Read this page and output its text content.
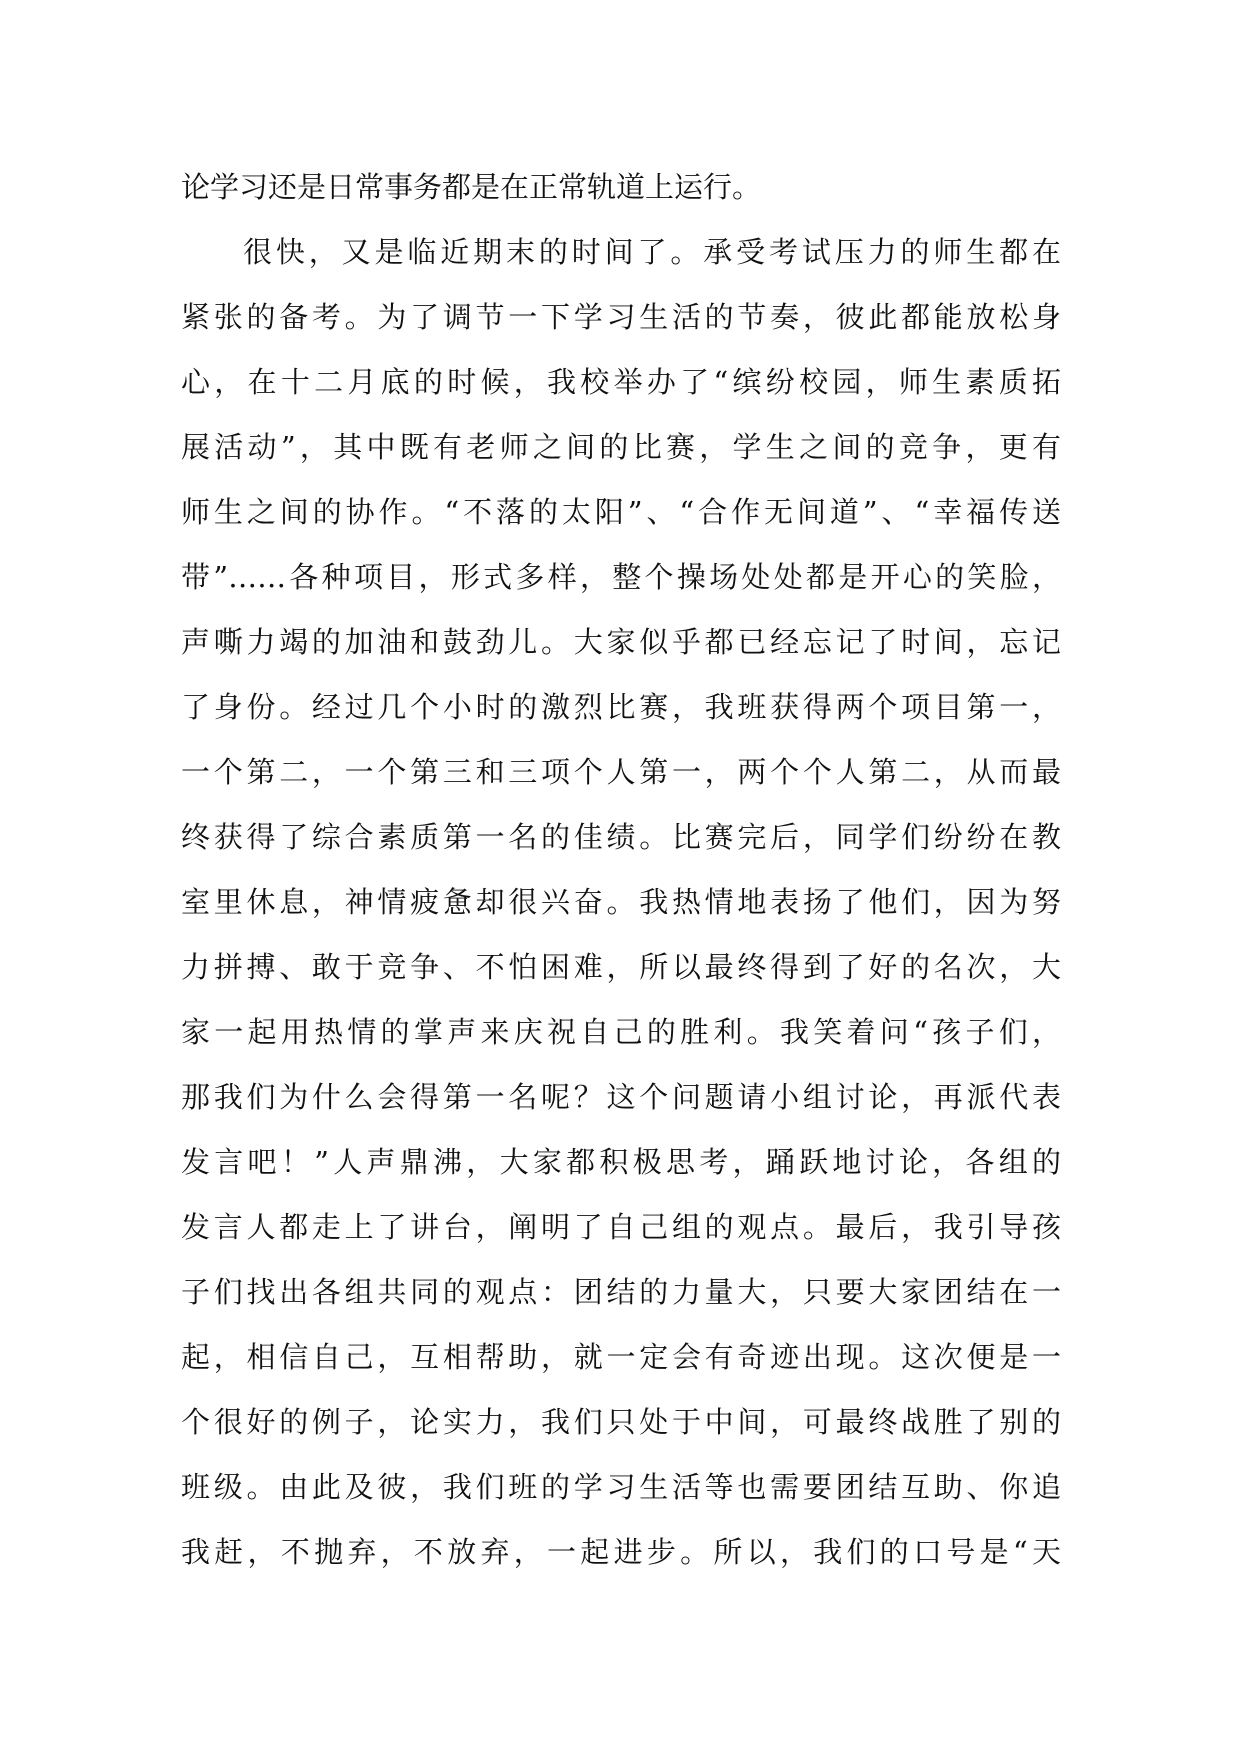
论学习还是日常事务都是在正常轨道上运行。
很快，又是临近期末的时间了。承受考试压力的师生都在
紧张的备考。为了调节一下学习生活的节奏，彼此都能放松身
心，在十二月底的时候，我校举办了“缤纷校园，师生素质拓
展活动”，其中既有老师之间的比赛，学生之间的竞争，更有
师生之间的协作。“不落的太阳”、“合作无间道”、“幸福传送
带”……各种项目，形式多样，整个操场处处都是开心的笑脸，
声嘶力竭的加油和鼓劲儿。大家似乎都已经忘记了时间，忘记
了身份。经过几个小时的激烈比赛，我班获得两个项目第一，
一个第二，一个第三和三项个人第一，两个个人第二，从而最
终获得了综合素质第一名的佳绩。比赛完后，同学们纷纷在教
室里休息，神情疲惫却很兴奋。我热情地表扬了他们，因为努
力拼搏、敢于竞争、不怕困难，所以最终得到了好的名次，大
家一起用热情的掌声来庆祝自己的胜利。我笑着问“孩子们，
那我们为什么会得第一名呢？这个问题请小组讨论，再派代表
发言吧！”人声鼎沸，大家都积极思考，踊跃地讨论，各组的
发言人都走上了讲台，阐明了自己组的观点。最后，我引导孩
子们找出各组共同的观点：团结的力量大，只要大家团结在一
起，相信自己，互相帮助，就一定会有奇迹出现。这次便是一
个很好的例子，论实力，我们只处于中间，可最终战胜了别的
班级。由此及彼，我们班的学习生活等也需要团结互助、你追
我赶，不抛弃，不放弃，一起进步。所以，我们的口号是“天
